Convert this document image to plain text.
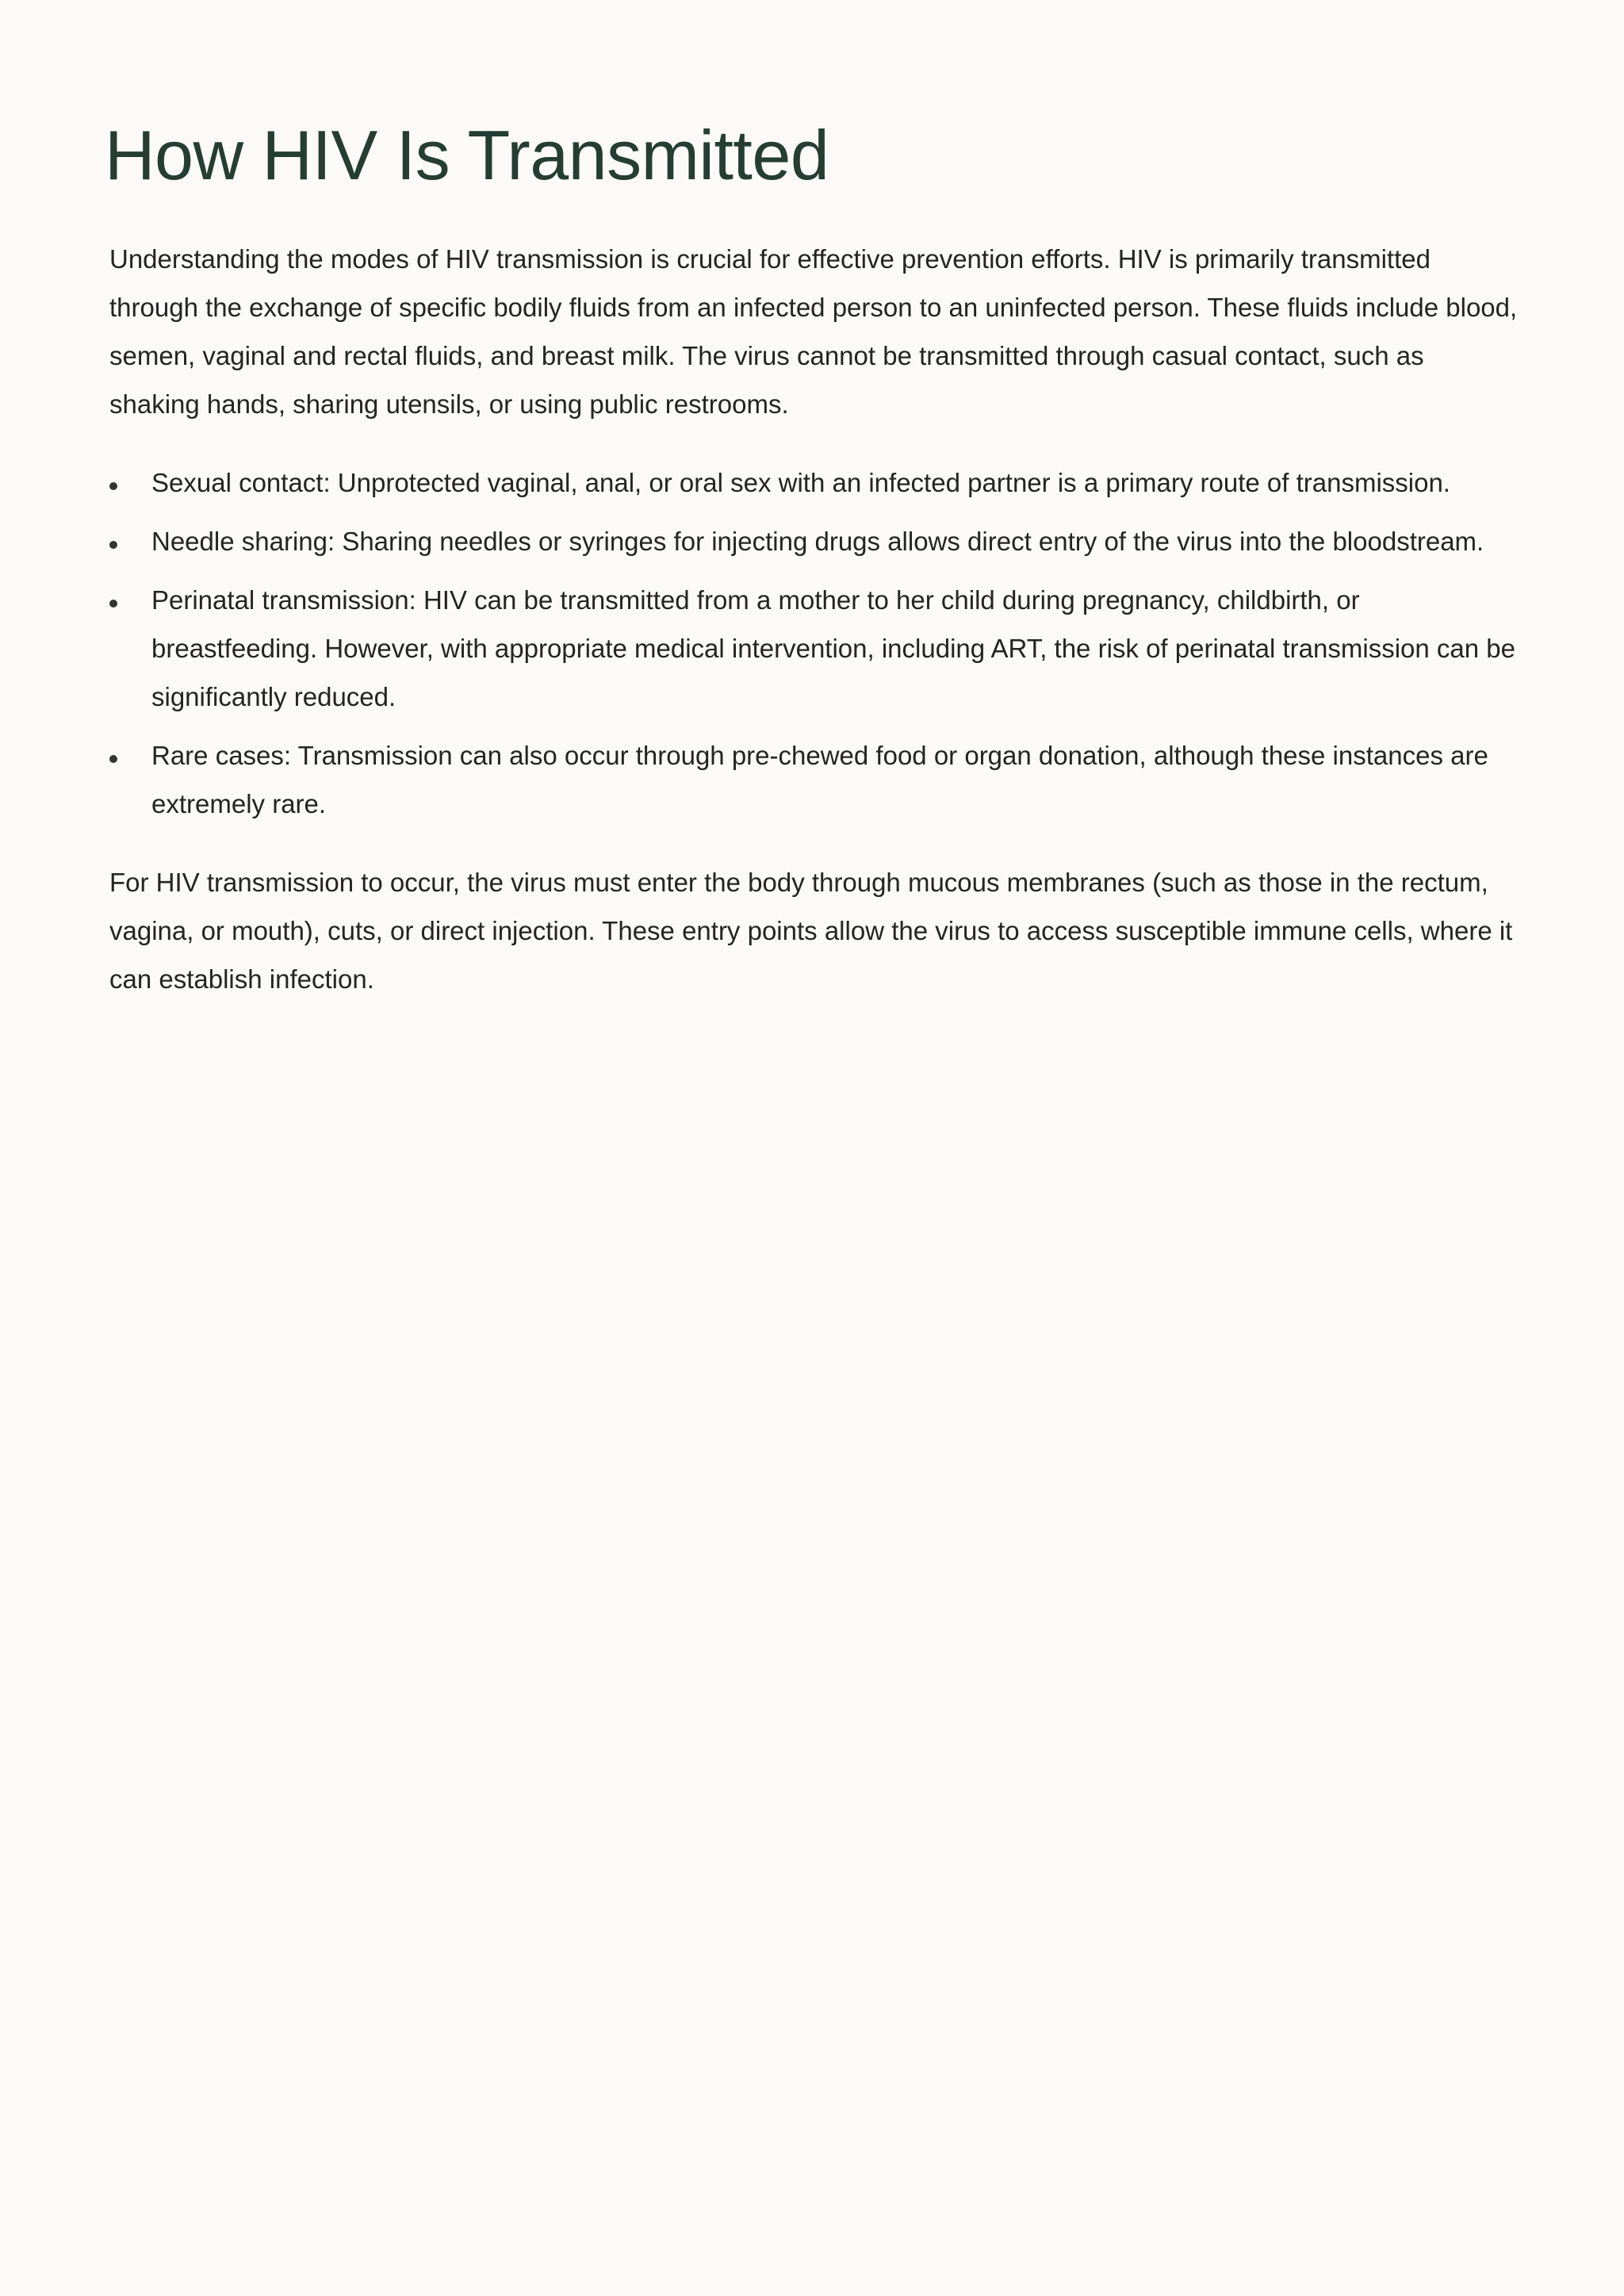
How HIV Is Transmitted

Understanding the modes of HIV transmission is crucial for effective prevention efforts. HIV is primarily transmitted through the exchange of specific bodily fluids from an infected person to an uninfected person. These fluids include blood, semen, vaginal and rectal fluids, and breast milk. The virus cannot be transmitted through casual contact, such as shaking hands, sharing utensils, or using public restrooms.

Sexual contact: Unprotected vaginal, anal, or oral sex with an infected partner is a primary route of transmission.
Needle sharing: Sharing needles or syringes for injecting drugs allows direct entry of the virus into the bloodstream.
Perinatal transmission: HIV can be transmitted from a mother to her child during pregnancy, childbirth, or breastfeeding. However, with appropriate medical intervention, including ART, the risk of perinatal transmission can be significantly reduced.
Rare cases: Transmission can also occur through pre-chewed food or organ donation, although these instances are extremely rare.

For HIV transmission to occur, the virus must enter the body through mucous membranes (such as those in the rectum, vagina, or mouth), cuts, or direct injection. These entry points allow the virus to access susceptible immune cells, where it can establish infection.
